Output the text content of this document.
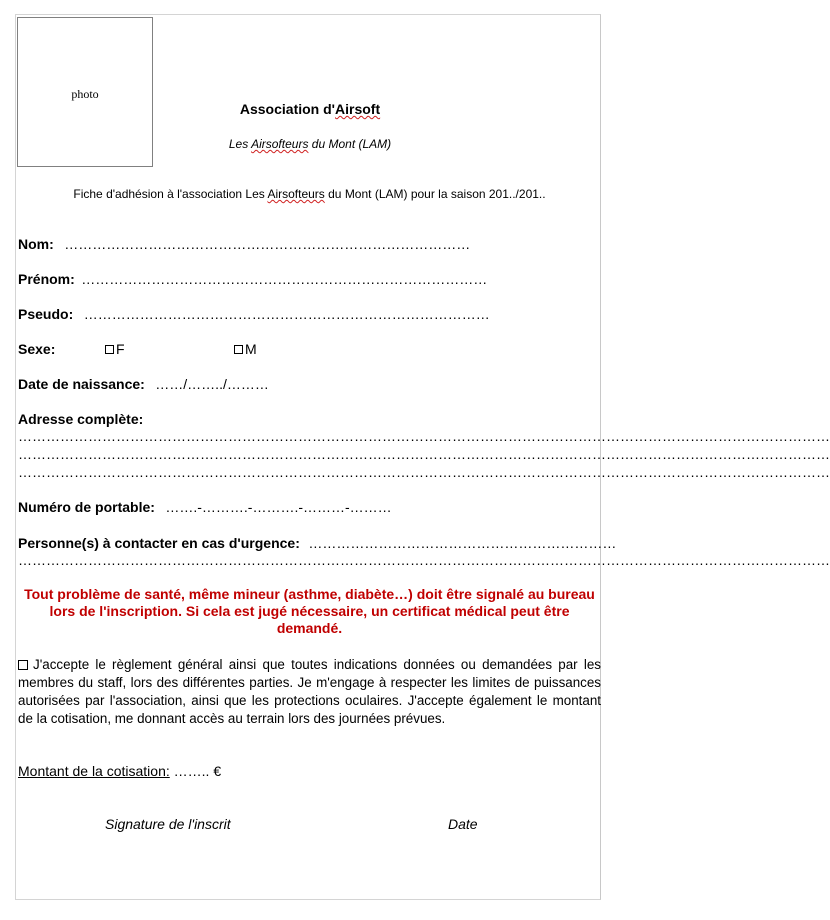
photo
Association d'Airsoft
Les Airsofteurs du Mont (LAM)
Fiche d'adhésion à l'association Les Airsofteurs du Mont (LAM) pour la saison 201../201..
Nom: ……………………………………………………………………………
Prénom: ……………………………………………………………………………
Pseudo: ……………………………………………………………………………
Sexe:	F	M
Date de naissance: ……/……../………
Adresse complète:
…………………………………………………………………………………………………………………………………………………………
…………………………………………………………………………………………………………………………………………………………
…………………………………………………………………………………………………………………………………………………………
Numéro de portable: …….-……….-……….-………-………
Personne(s) à contacter en cas d'urgence: …………………………………………………………
…………………………………………………………………………………………………………………………………………………………
Tout problème de santé, même mineur (asthme, diabète…) doit être signalé au bureau lors de l'inscription. Si cela est jugé nécessaire, un certificat médical peut être demandé.
J'accepte le règlement général ainsi que toutes indications données ou demandées par les membres du staff, lors des différentes parties. Je m'engage à respecter les limites de puissances autorisées par l'association, ainsi que les protections oculaires. J'accepte également le montant de la cotisation, me donnant accès au terrain lors des journées prévues.
Montant de la cotisation: …….. €
Signature de l'inscrit	Date
